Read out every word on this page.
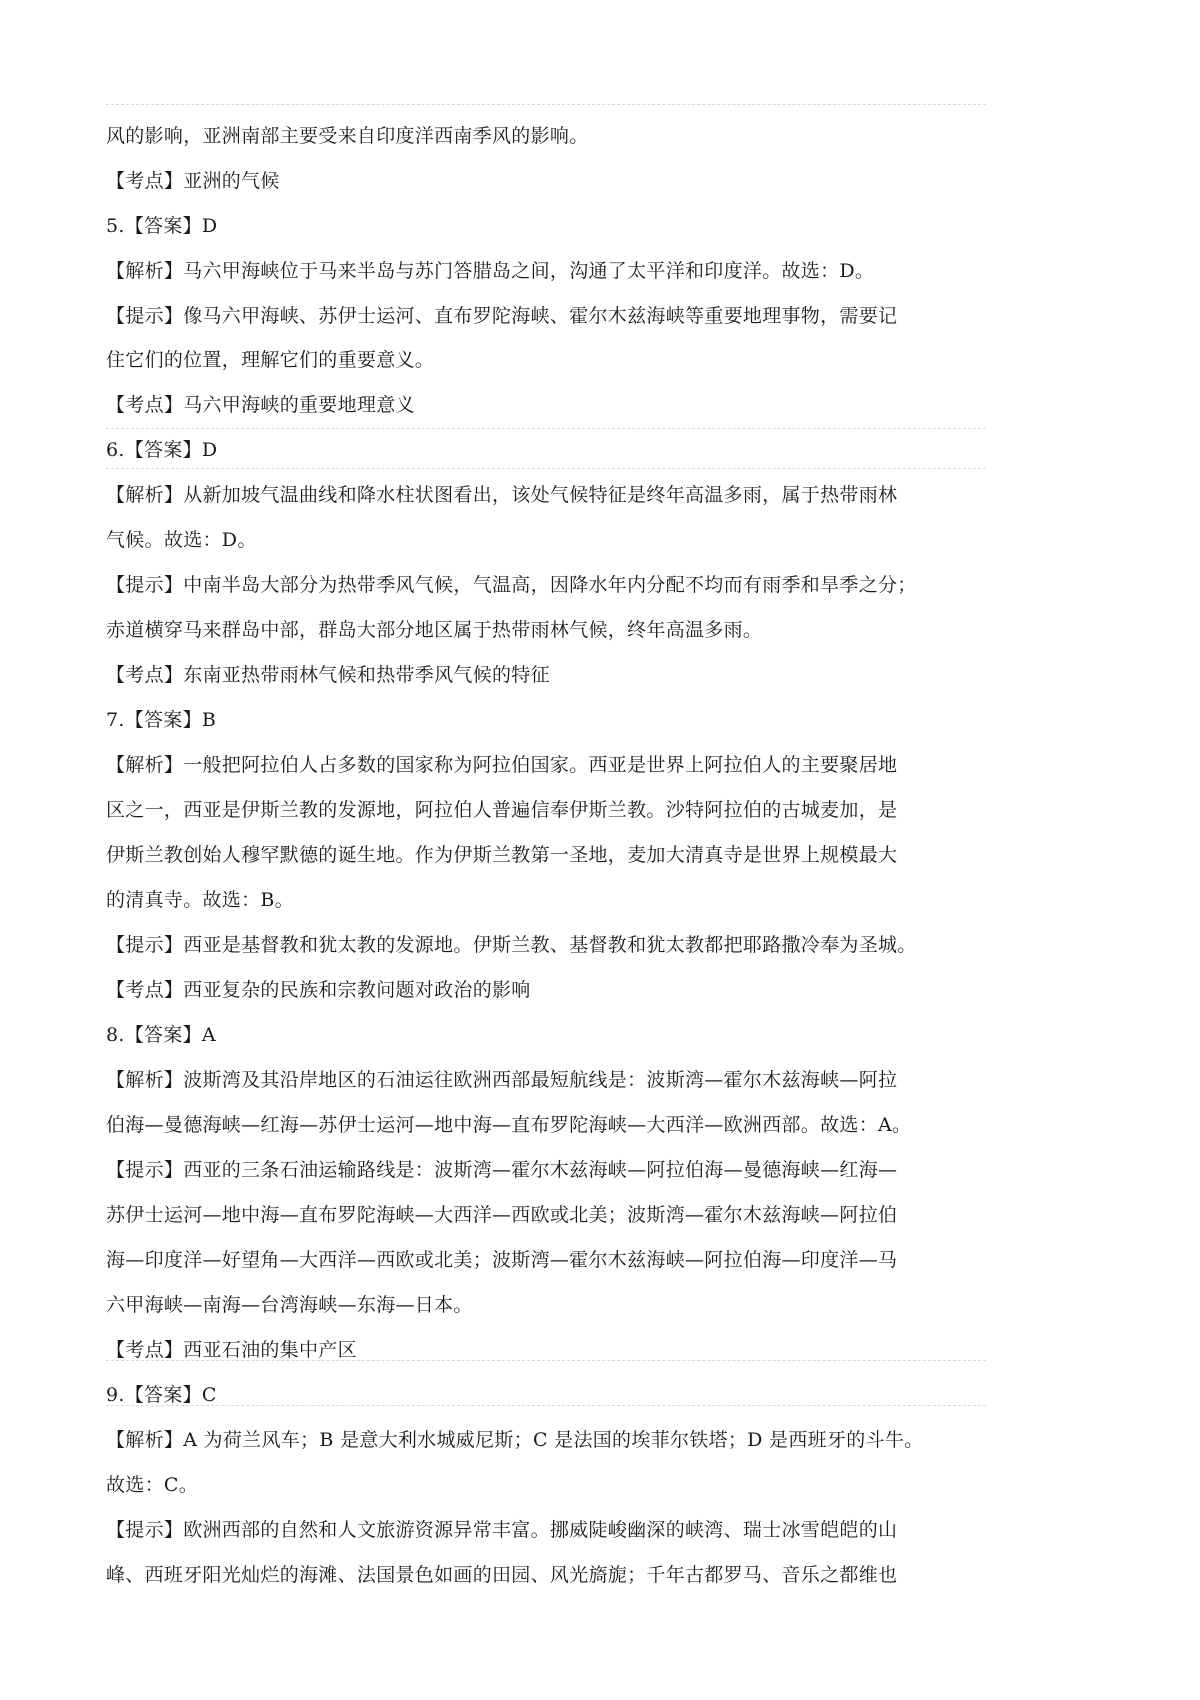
风的影响，亚洲南部主要受来自印度洋西南季风的影响。
【考点】亚洲的气候
5.【答案】D
【解析】马六甲海峡位于马来半岛与苏门答腊岛之间，沟通了太平洋和印度洋。故选：D。
【提示】像马六甲海峡、苏伊士运河、直布罗陀海峡、霍尔木兹海峡等重要地理事物，需要记
住它们的位置，理解它们的重要意义。
【考点】马六甲海峡的重要地理意义
6.【答案】D
【解析】从新加坡气温曲线和降水柱状图看出，该处气候特征是终年高温多雨，属于热带雨林
气候。故选：D。
【提示】中南半岛大部分为热带季风气候，气温高，因降水年内分配不均而有雨季和旱季之分；
赤道横穿马来群岛中部，群岛大部分地区属于热带雨林气候，终年高温多雨。
【考点】东南亚热带雨林气候和热带季风气候的特征
7.【答案】B
【解析】一般把阿拉伯人占多数的国家称为阿拉伯国家。西亚是世界上阿拉伯人的主要聚居地
区之一，西亚是伊斯兰教的发源地，阿拉伯人普遍信奉伊斯兰教。沙特阿拉伯的古城麦加，是
伊斯兰教创始人穆罕默德的诞生地。作为伊斯兰教第一圣地，麦加大清真寺是世界上规模最大
的清真寺。故选：B。
【提示】西亚是基督教和犹太教的发源地。伊斯兰教、基督教和犹太教都把耶路撒冷奉为圣城。
【考点】西亚复杂的民族和宗教问题对政治的影响
8.【答案】A
【解析】波斯湾及其沿岸地区的石油运往欧洲西部最短航线是：波斯湾—霍尔木兹海峡—阿拉
伯海—曼德海峡—红海—苏伊士运河—地中海—直布罗陀海峡—大西洋—欧洲西部。故选：A。
【提示】西亚的三条石油运输路线是：波斯湾—霍尔木兹海峡—阿拉伯海—曼德海峡—红海—
苏伊士运河—地中海—直布罗陀海峡—大西洋—西欧或北美；波斯湾—霍尔木兹海峡—阿拉伯
海—印度洋—好望角—大西洋—西欧或北美；波斯湾—霍尔木兹海峡—阿拉伯海—印度洋—马
六甲海峡—南海—台湾海峡—东海—日本。
【考点】西亚石油的集中产区
9.【答案】C
【解析】A 为荷兰风车；B 是意大利水城威尼斯；C 是法国的埃菲尔铁塔；D 是西班牙的斗牛。
故选：C。
【提示】欧洲西部的自然和人文旅游资源异常丰富。挪威陡峻幽深的峡湾、瑞士冰雪皑皑的山
峰、西班牙阳光灿烂的海滩、法国景色如画的田园、风光旖旎；千年古都罗马、音乐之都维也
